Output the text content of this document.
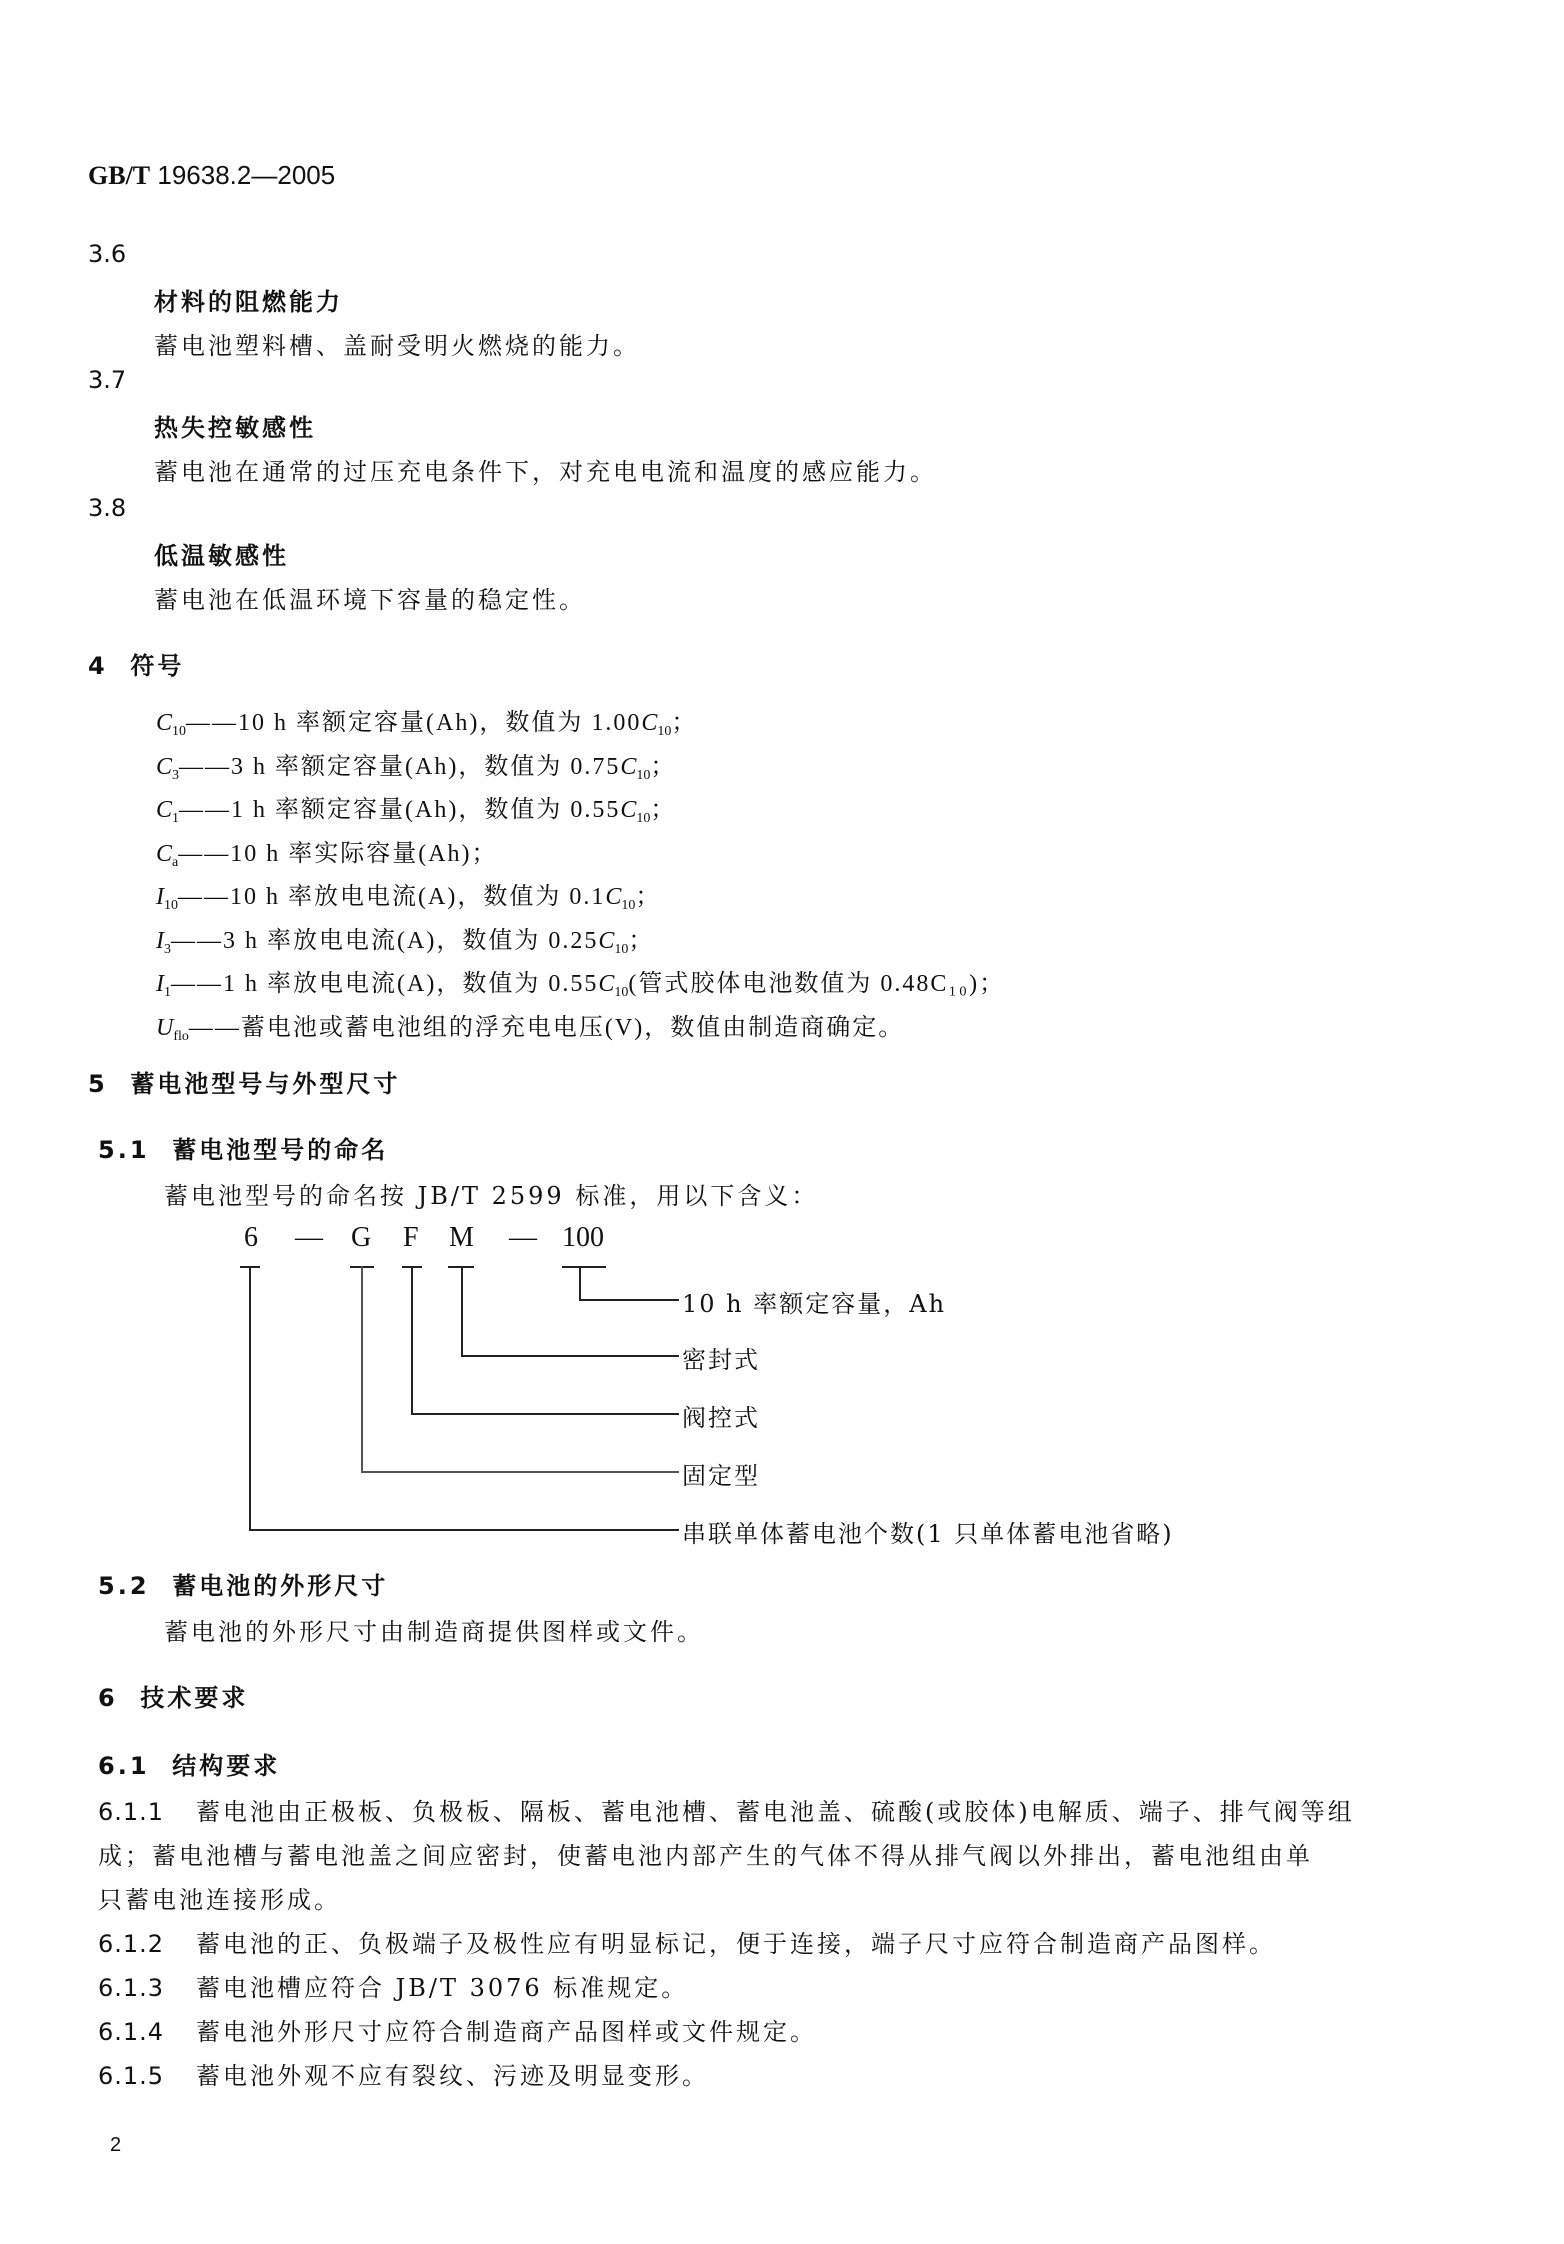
GB/T 19638.2—2005
3.6
材料的阻燃能力
蓄电池塑料槽、盖耐受明火燃烧的能力。
3.7
热失控敏感性
蓄电池在通常的过压充电条件下，对充电电流和温度的感应能力。
3.8
低温敏感性
蓄电池在低温环境下容量的稳定性。
4 符号
$C_{10}——10$ h 率额定容量(Ah)，数值为 $1.00C_{10}$；
$C_3——3$ h 率额定容量(Ah)，数值为 $0.75C_{10}$；
$C_1——1$ h 率额定容量(Ah)，数值为 $0.55C_{10}$；
$C_a——10$ h 率实际容量(Ah)；
$I_{10}——10$ h 率放电电流(A)，数值为 $0.1C_{10}$；
$I_3——3$ h 率放电电流(A)，数值为 $0.25C_{10}$；
$I_1——1$ h 率放电电流(A)，数值为 $0.55C_{10}$(管式胶体电池数值为 0.48C₁₀)；
$U_{flo}——$蓄电池或蓄电池组的浮充电电压(V)，数值由制造商确定。
5 蓄电池型号与外型尺寸
5.1 蓄电池型号的命名
蓄电池型号的命名按 JB/T 2599 标准，用以下含义：
6 — G F M — 100
10 h 率额定容量，Ah
密封式
阀控式
固定型
串联单体蓄电池个数(1 只单体蓄电池省略)
5.2 蓄电池的外形尺寸
蓄电池的外形尺寸由制造商提供图样或文件。
6 技术要求
6.1 结构要求
6.1.1 蓄电池由正极板、负极板、隔板、蓄电池槽、蓄电池盖、硫酸(或胶体)电解质、端子、排气阀等组
成；蓄电池槽与蓄电池盖之间应密封，使蓄电池内部产生的气体不得从排气阀以外排出，蓄电池组由单
只蓄电池连接形成。
6.1.2 蓄电池的正、负极端子及极性应有明显标记，便于连接，端子尺寸应符合制造商产品图样。
6.1.3 蓄电池槽应符合 JB/T 3076 标准规定。
6.1.4 蓄电池外形尺寸应符合制造商产品图样或文件规定。
6.1.5 蓄电池外观不应有裂纹、污迹及明显变形。
2
